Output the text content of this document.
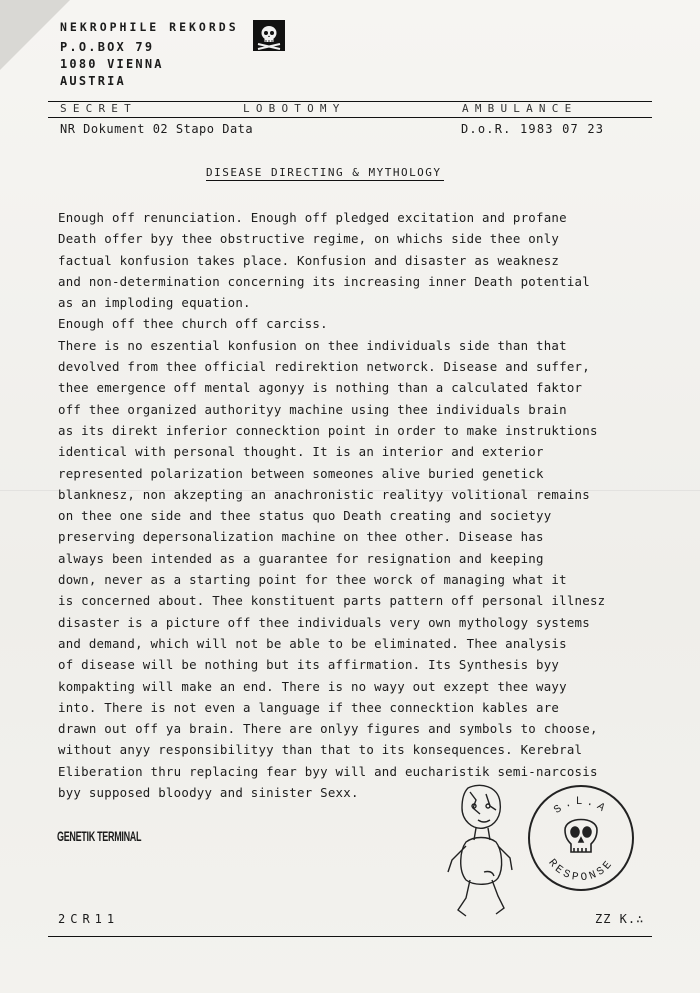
NEKROPHILE REKORDS
P.O.BOX 79
1080 VIENNA
AUSTRIA
SECRET	LOBOTOMY	AMBULANCE
NR Dokument 02 Stapo Data	D.o.R. 1983 07 23
DISEASE DIRECTING & MYTHOLOGY
Enough off renunciation. Enough off pledged excitation and profane
Death offer byy thee obstructive regime, on whichs side thee only
factual konfusion takes place. Konfusion and disaster as weaknesz
and non-determination concerning its increasing inner Death potential
as an imploding equation.
Enough off thee church off carciss.
There is no eszential konfusion on thee individuals side than that
devolved from thee official redirektion networck. Disease and suffer,
thee emergence off mental agonyy is nothing than a calculated faktor
off thee organized authorityy machine using thee individuals brain
as its direkt inferior connecktion point in order to make instruktions
identical with personal thought. It is an interior and exterior
represented polarization between someones alive buried genetick
blanknesz, non akzepting an anachronistic realityy volitional remains
on thee one side and thee status quo Death creating and societyy
preserving depersonalization machine on thee other. Disease has
always been intended as a guarantee for resignation and keeping
down, never as a starting point for thee worck of managing what it
is concerned about. Thee konstituent parts pattern off personal illnesz
disaster is a picture off thee individuals very own mythology systems
and demand, which will not be able to be eliminated. Thee analysis
of disease will be nothing but its affirmation. Its Synthesis byy
kompakting will make an end. There is no wayy out exzept thee wayy
into. There is not even a language if thee connecktion kables are
drawn out off ya brain. There are onlyy figures and symbols to choose,
without anyy responsibilityy than that to its konsequences. Kerebral
Eliberation thru replacing fear byy will and eucharistik semi-narcosis
byy supposed bloodyy and sinister Sexx.
GENETIK TERMINAL
S.L.A
RESPONSE
2CR11	ZZ K.∴
